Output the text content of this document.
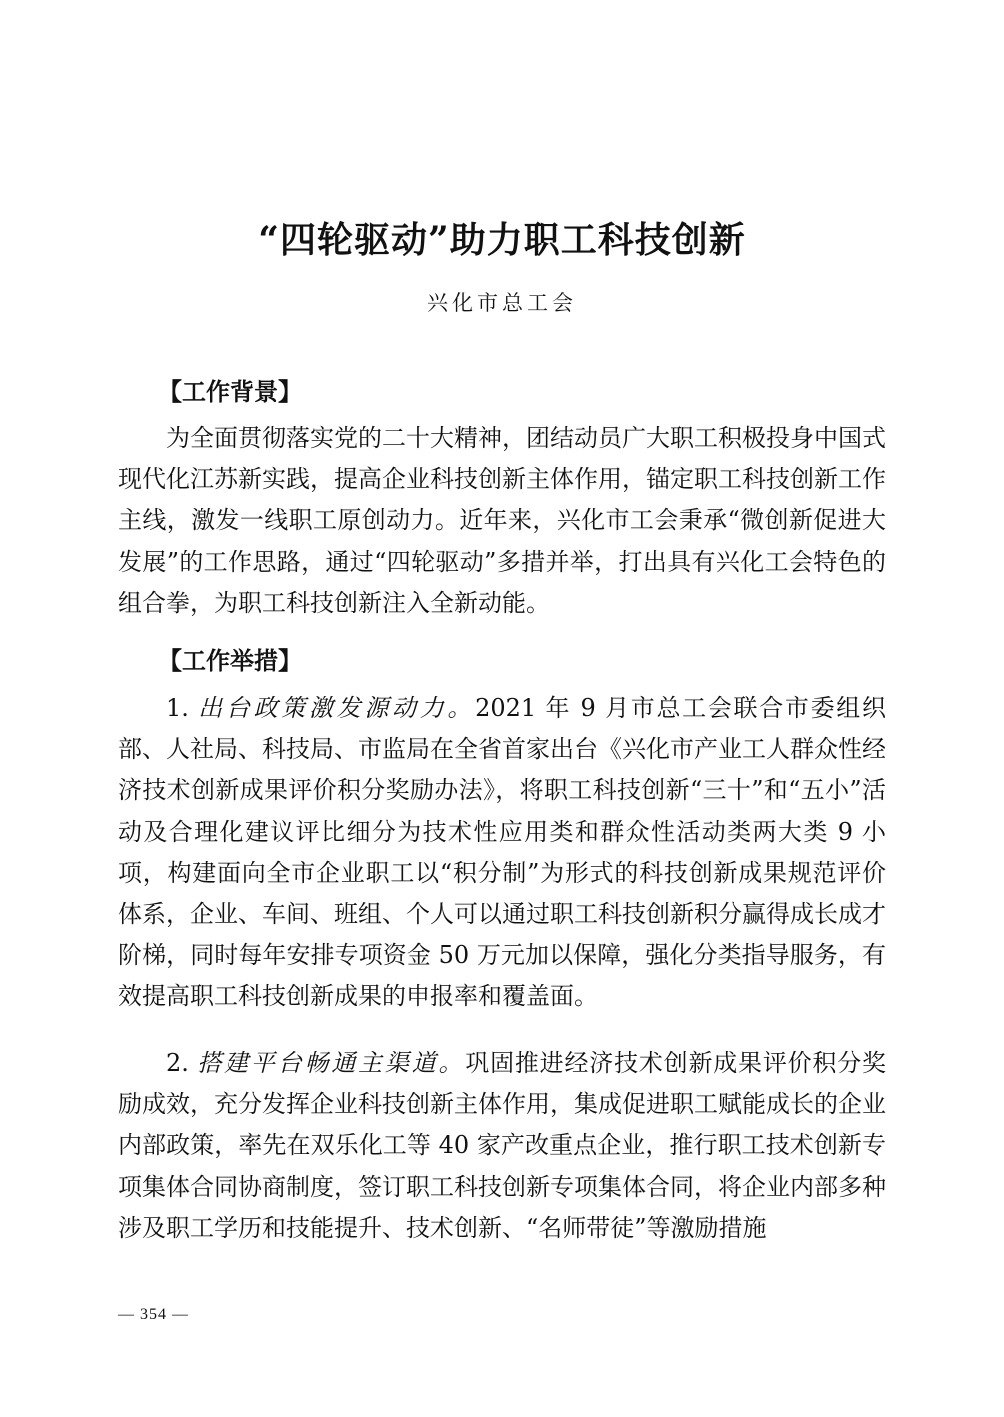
“四轮驱动”助力职工科技创新
兴化市总工会
【工作背景】

为全面贯彻落实党的二十大精神，团结动员广大职工积极投身中国式现代化江苏新实践，提高企业科技创新主体作用，锚定职工科技创新工作主线，激发一线职工原创动力。近年来，兴化市工会秉承“微创新促进大发展”的工作思路，通过“四轮驱动”多措并举，打出具有兴化工会特色的组合拳，为职工科技创新注入全新动能。

【工作举措】

1. 出台政策激发源动力。2021 年 9 月市总工会联合市委组织部、人社局、科技局、市监局在全省首家出台《兴化市产业工人群众性经济技术创新成果评价积分奖励办法》，将职工科技创新“三十”和“五小”活动及合理化建议评比细分为技术性应用类和群众性活动类两大类 9 小项，构建面向全市企业职工以“积分制”为形式的科技创新成果规范评价体系，企业、车间、班组、个人可以通过职工科技创新积分赢得成长成才阶梯，同时每年安排专项资金 50 万元加以保障，强化分类指导服务，有效提高职工科技创新成果的申报率和覆盖面。

2. 搭建平台畅通主渠道。巩固推进经济技术创新成果评价积分奖励成效，充分发挥企业科技创新主体作用，集成促进职工赋能成长的企业内部政策，率先在双乐化工等 40 家产改重点企业，推行职工技术创新专项集体合同协商制度，签订职工科技创新专项集体合同，将企业内部多种涉及职工学历和技能提升、技术创新、“名师带徒”等激励措施

— 354 —
